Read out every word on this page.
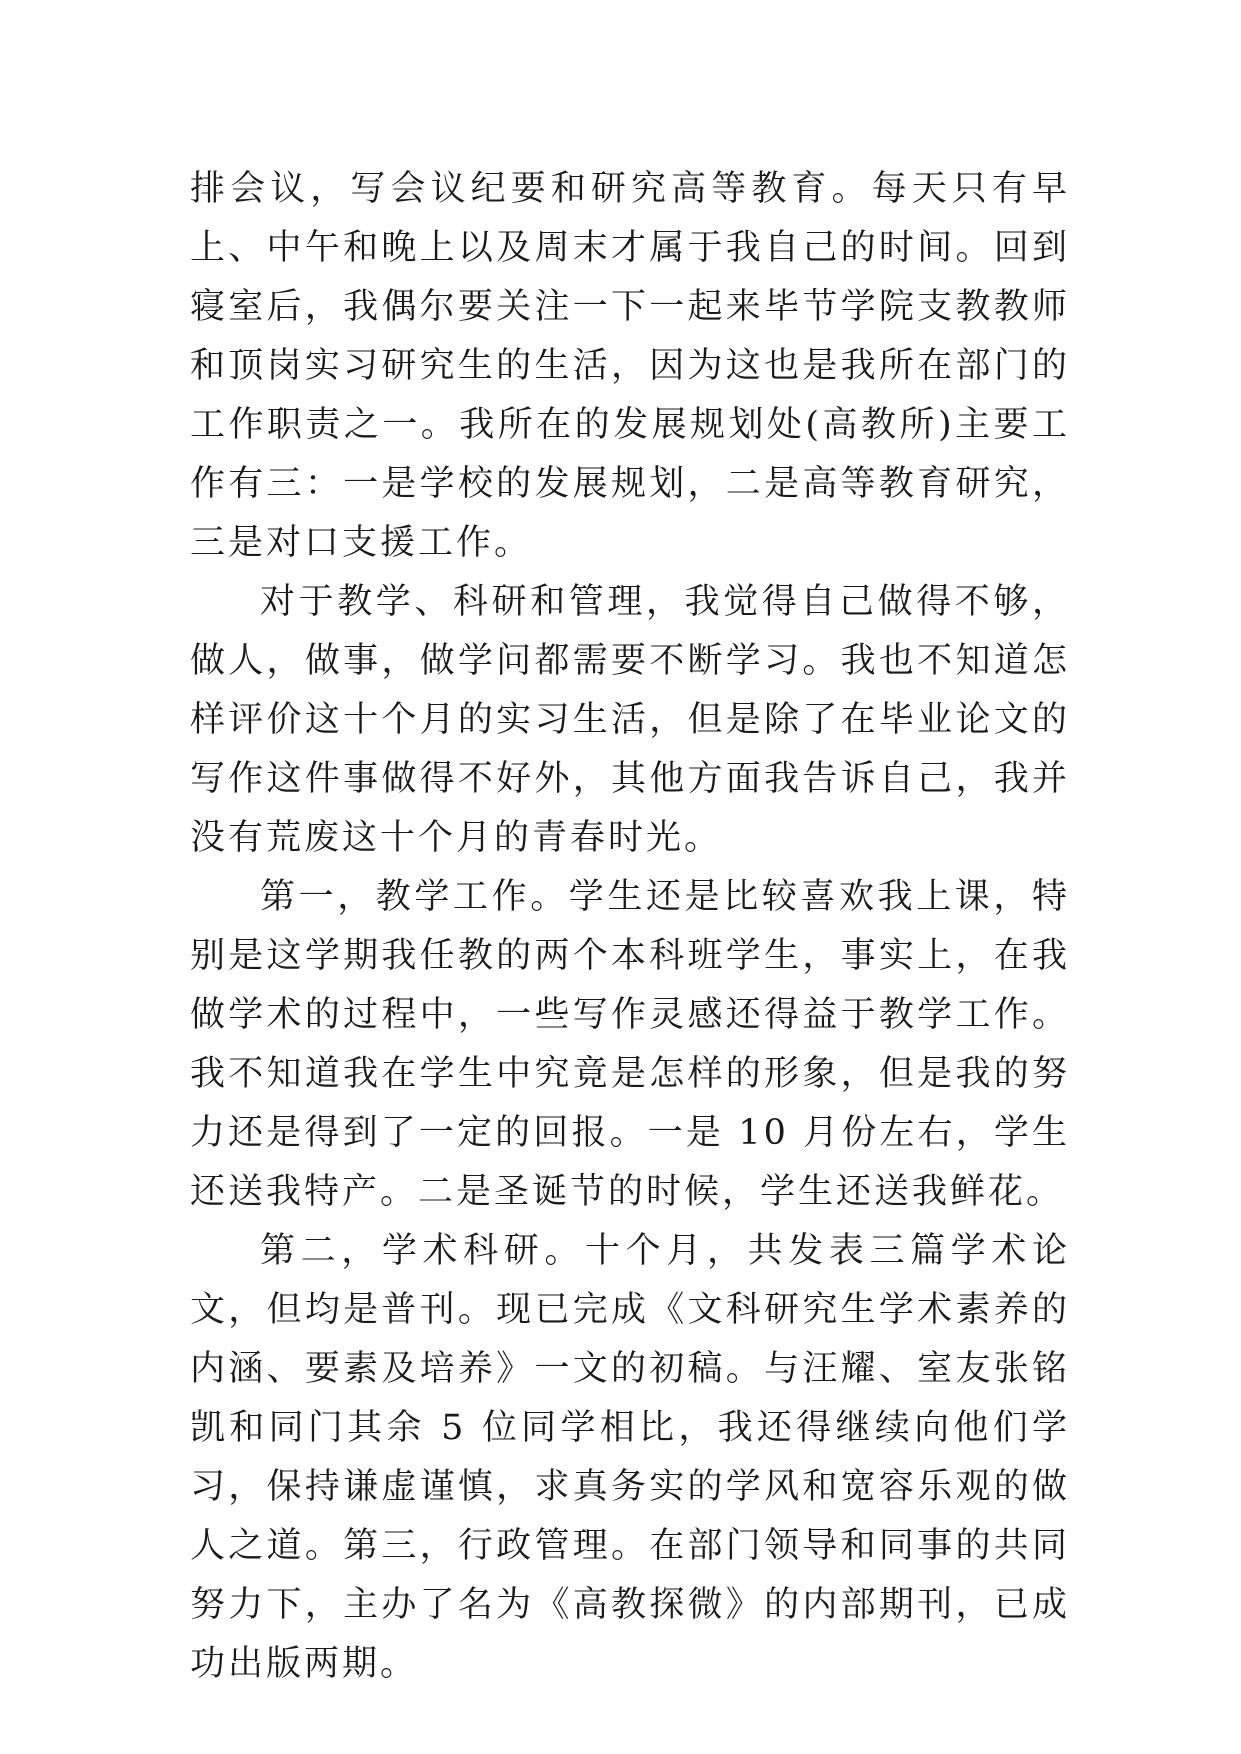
排会议，写会议纪要和研究高等教育。每天只有早上、中午和晚上以及周末才属于我自己的时间。回到寝室后，我偶尔要关注一下一起来毕节学院支教教师和顶岗实习研究生的生活，因为这也是我所在部门的工作职责之一。我所在的发展规划处(高教所)主要工作有三：一是学校的发展规划，二是高等教育研究，三是对口支援工作。

对于教学、科研和管理，我觉得自己做得不够，做人，做事，做学问都需要不断学习。我也不知道怎样评价这十个月的实习生活，但是除了在毕业论文的写作这件事做得不好外，其他方面我告诉自己，我并没有荒废这十个月的青春时光。

第一，教学工作。学生还是比较喜欢我上课，特别是这学期我任教的两个本科班学生，事实上，在我做学术的过程中，一些写作灵感还得益于教学工作。我不知道我在学生中究竟是怎样的形象，但是我的努力还是得到了一定的回报。一是 10 月份左右，学生还送我特产。二是圣诞节的时候，学生还送我鲜花。

第二，学术科研。十个月，共发表三篇学术论文，但均是普刊。现已完成《文科研究生学术素养的内涵、要素及培养》一文的初稿。与汪耀、室友张铭凯和同门其余 5 位同学相比，我还得继续向他们学习，保持谦虚谨慎，求真务实的学风和宽容乐观的做人之道。第三，行政管理。在部门领导和同事的共同努力下，主办了名为《高教探微》的内部期刊，已成功出版两期。
